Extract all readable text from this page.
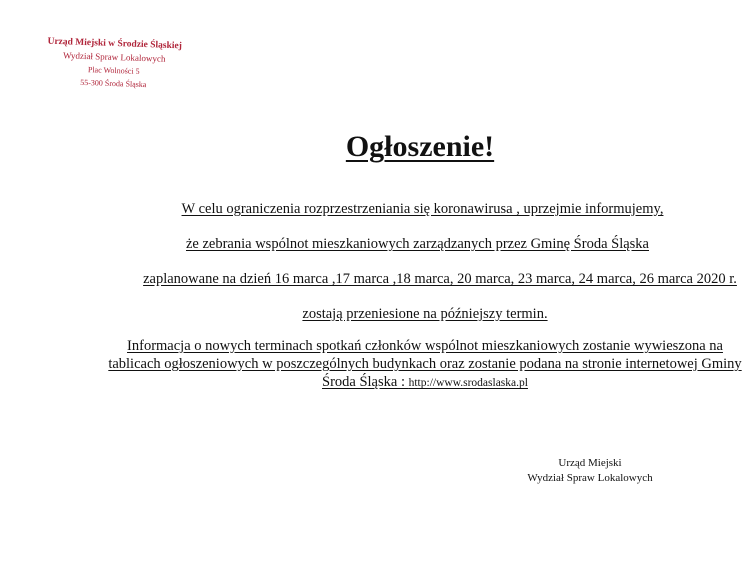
Urząd Miejski w Środzie Śląskiej
Wydział Spraw Lokalowych
Plac Wolności 5
55-300 Środa Śląska
Ogłoszenie!
W celu ograniczenia rozprzestrzeniania się koronawirusa , uprzejmie informujemy,
że zebrania wspólnot mieszkaniowych zarządzanych przez Gminę Środa Śląska
zaplanowane na dzień 16 marca ,17 marca ,18 marca, 20 marca, 23 marca, 24 marca, 26 marca 2020 r.
zostają przeniesione na późniejszy termin.
Informacja o nowych terminach spotkań członków wspólnot mieszkaniowych zostanie wywieszona na tablicach ogłoszeniowych w poszczególnych budynkach oraz zostanie podana na stronie internetowej Gminy Środa Śląska : http://www.srodaslaska.pl
Urząd Miejski
Wydział Spraw Lokalowych
